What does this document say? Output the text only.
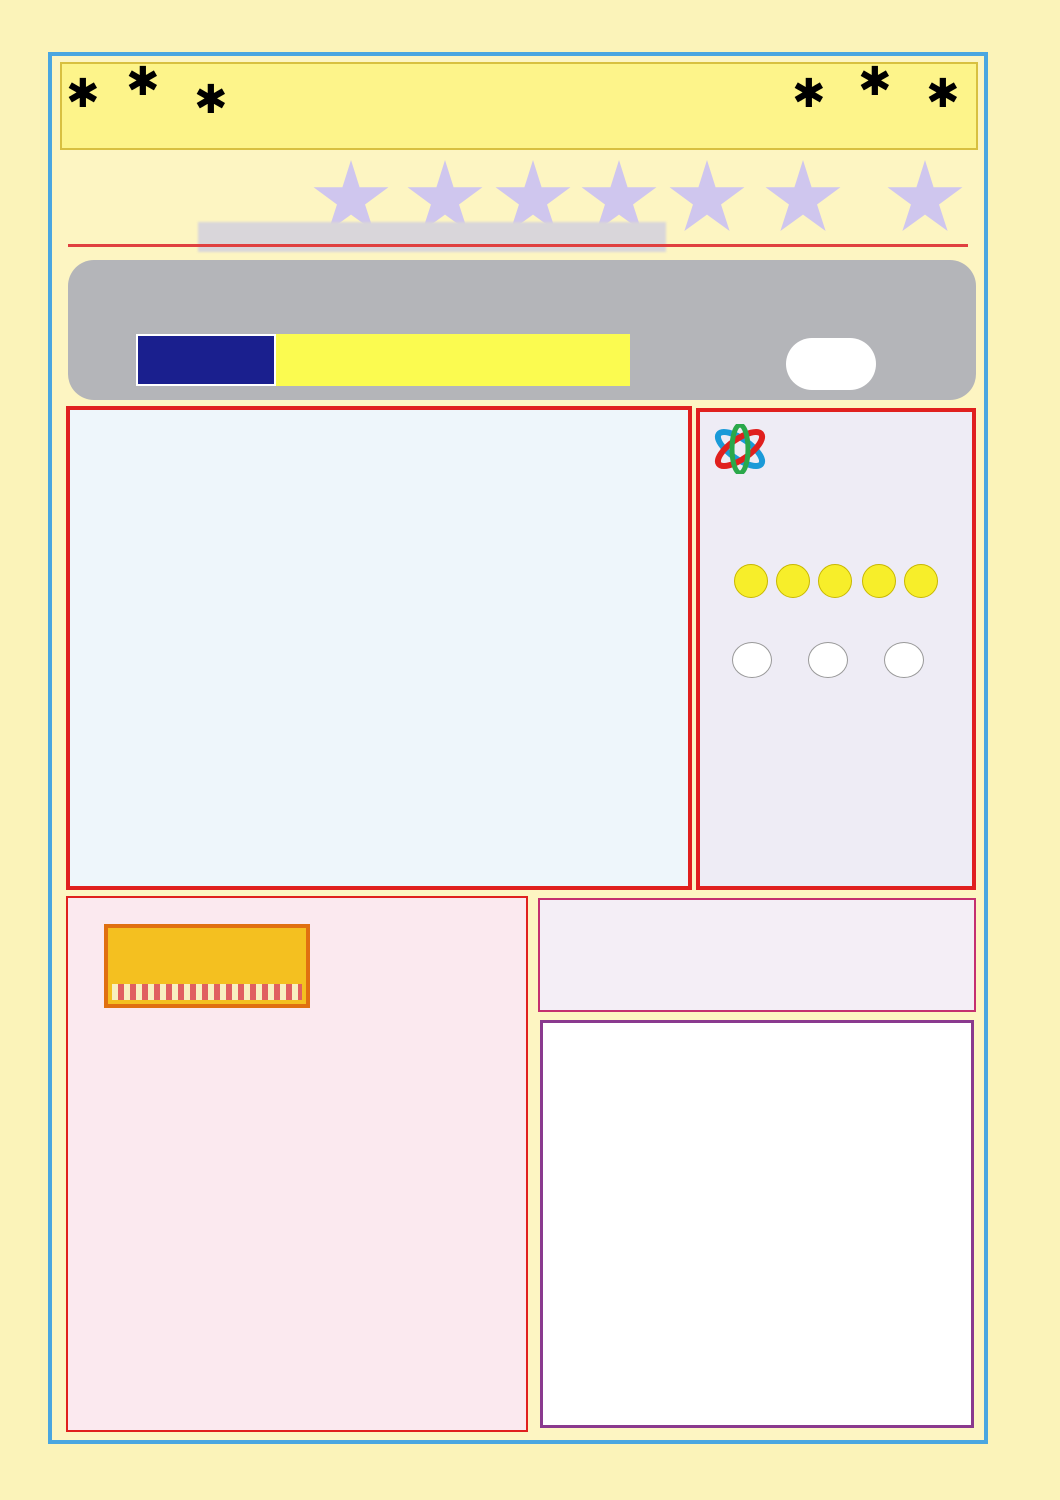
✱ ✱ ✱	✱ ✱ ✱
